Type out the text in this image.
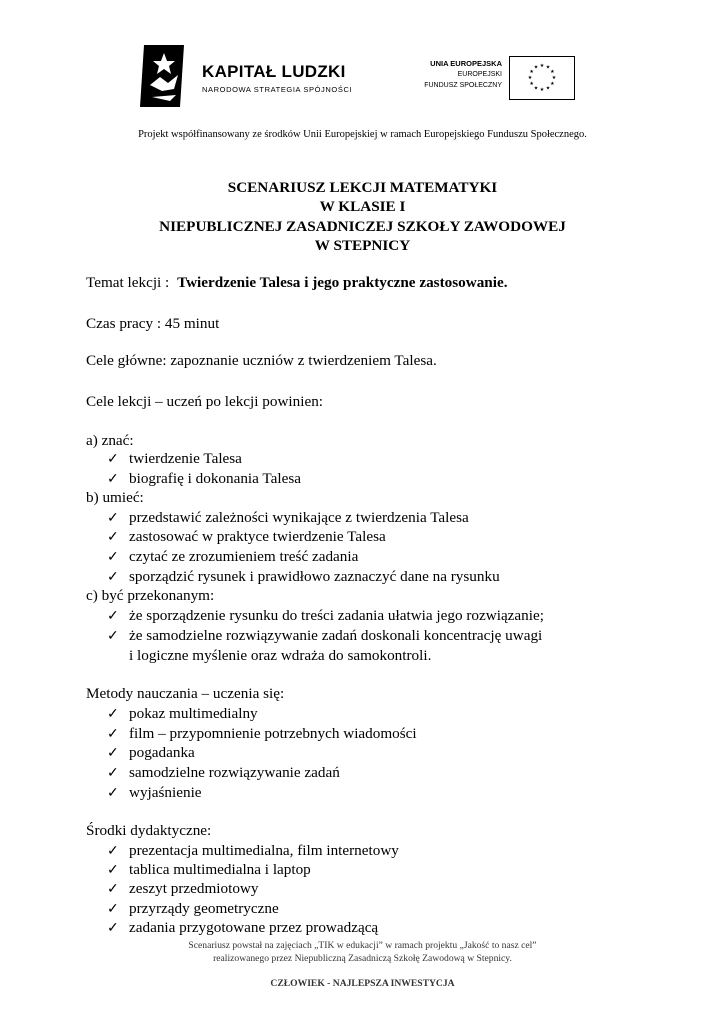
KAPITAŁ LUDZKI
NARODOWA STRATEGIA SPÓJNOŚCI
UNIA EUROPEJSKA
EUROPEJSKI
FUNDUSZ SPOŁECZNY
★ ★
★
★
★
★
★
★
★
★
★
★
Projekt współfinansowany ze środków Unii Europejskiej w ramach Europejskiego Funduszu Społecznego.
SCENARIUSZ LEKCJI MATEMATYKI
W KLASIE I
NIEPUBLICZNEJ ZASADNICZEJ SZKOŁY ZAWODOWEJ
W STEPNICY
Temat lekcji : Twierdzenie Talesa i jego praktyczne zastosowanie.
Czas pracy : 45 minut
Cele główne: zapoznanie uczniów z twierdzeniem Talesa.
Cele lekcji – uczeń po lekcji powinien:
a) znać:
✓ twierdzenie Talesa
✓ biografię i dokonania Talesa
b) umieć:
✓ przedstawić zależności wynikające z twierdzenia Talesa
✓ zastosować w praktyce twierdzenie Talesa
✓ czytać ze zrozumieniem treść zadania
✓ sporządzić rysunek i prawidłowo zaznaczyć dane na rysunku
c) być przekonanym:
✓ że sporządzenie rysunku do treści zadania ułatwia jego rozwiązanie;
✓ że samodzielne rozwiązywanie zadań doskonali koncentrację uwagi
i logiczne myślenie oraz wdraża do samokontroli.
Metody nauczania – uczenia się:
✓ pokaz multimedialny
✓ film – przypomnienie potrzebnych wiadomości
✓ pogadanka
✓ samodzielne rozwiązywanie zadań
✓ wyjaśnienie
Środki dydaktyczne:
✓ prezentacja multimedialna, film internetowy
✓ tablica multimedialna i laptop
✓ zeszyt przedmiotowy
✓ przyrządy geometryczne
✓ zadania przygotowane przez prowadzącą
Scenariusz powstał na zajęciach „TIK w edukacji” w ramach projektu „Jakość to nasz cel”
realizowanego przez Niepubliczną Zasadniczą Szkołę Zawodową w Stepnicy.
CZŁOWIEK - NAJLEPSZA INWESTYCJA
